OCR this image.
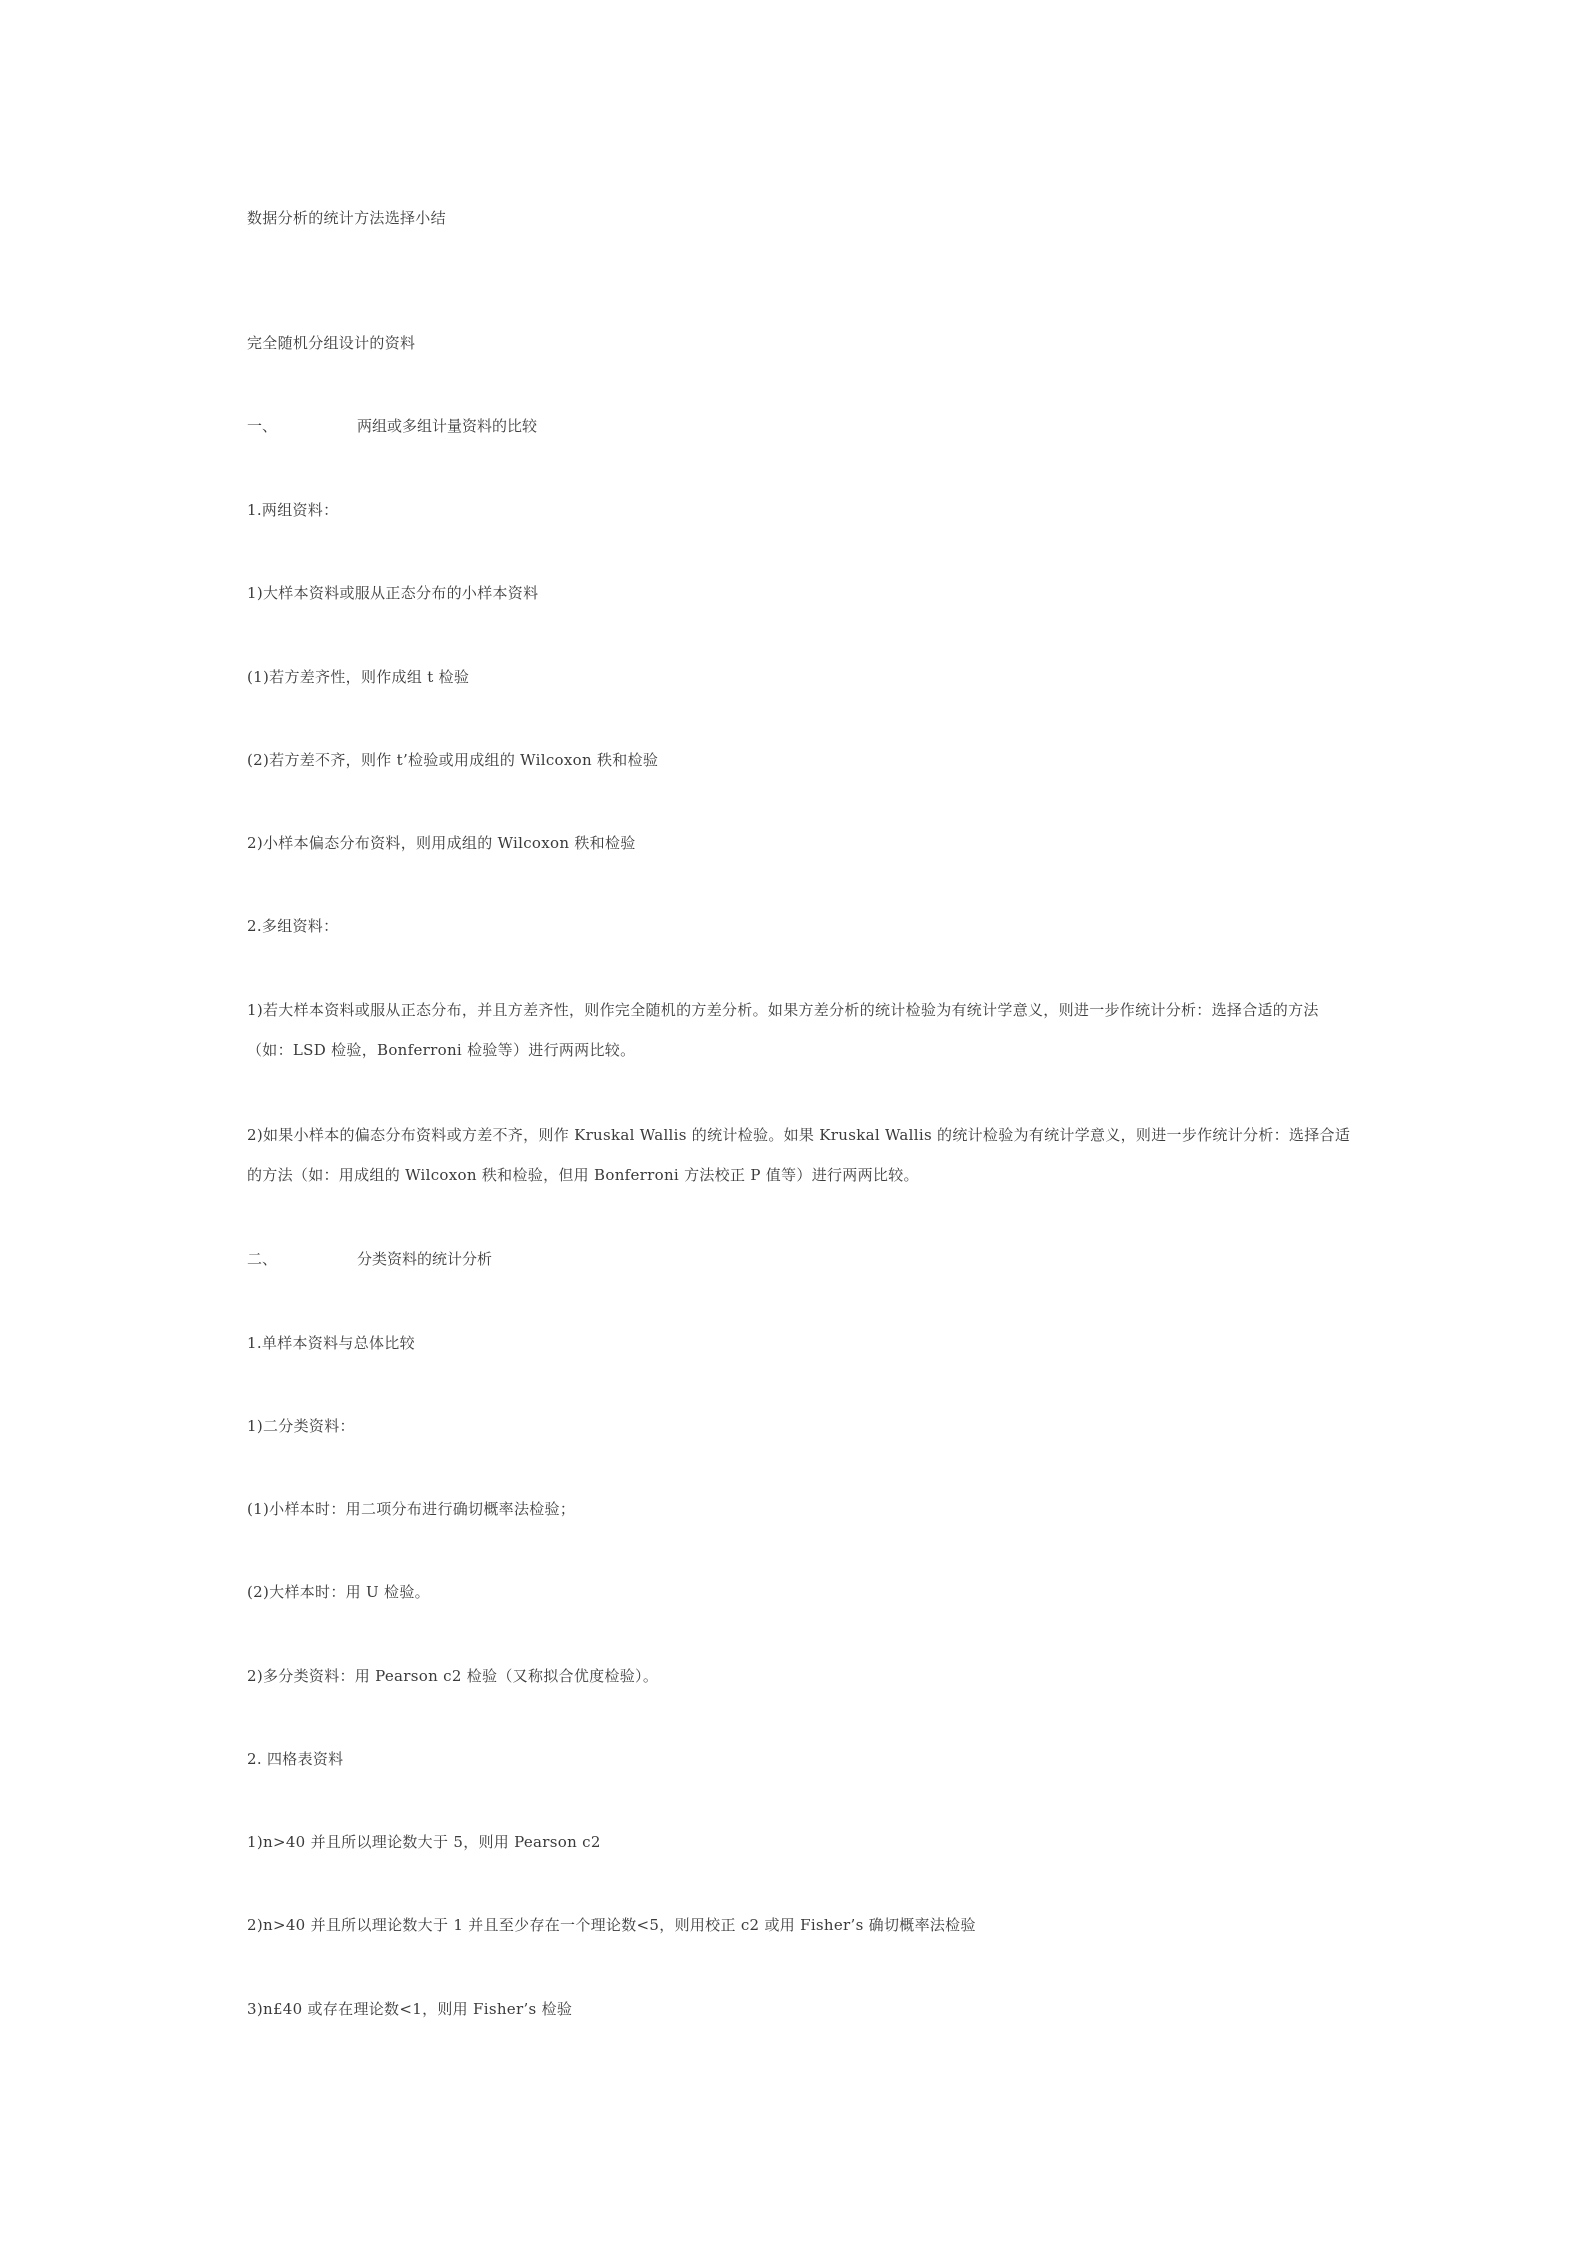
数据分析的统计方法选择小结
完全随机分组设计的资料
一、	两组或多组计量资料的比较
1.两组资料：
1)大样本资料或服从正态分布的小样本资料
(1)若方差齐性，则作成组 t 检验
(2)若方差不齐，则作 t’检验或用成组的 Wilcoxon 秩和检验
2)小样本偏态分布资料，则用成组的 Wilcoxon 秩和检验
2.多组资料：
1)若大样本资料或服从正态分布，并且方差齐性，则作完全随机的方差分析。如果方差分析的统计检验为有统计学意义，则进一步作统计分析：选择合适的方法（如：LSD 检验，Bonferroni 检验等）进行两两比较。
2)如果小样本的偏态分布资料或方差不齐，则作 Kruskal Wallis 的统计检验。如果 Kruskal Wallis 的统计检验为有统计学意义，则进一步作统计分析：选择合适的方法（如：用成组的 Wilcoxon 秩和检验，但用 Bonferroni 方法校正 P 值等）进行两两比较。
二、	分类资料的统计分析
1.单样本资料与总体比较
1)二分类资料：
(1)小样本时：用二项分布进行确切概率法检验；
(2)大样本时：用 U 检验。
2)多分类资料：用 Pearson c2 检验（又称拟合优度检验）。
2. 四格表资料
1)n>40 并且所以理论数大于 5，则用 Pearson c2
2)n>40 并且所以理论数大于 1 并且至少存在一个理论数<5，则用校正 c2 或用 Fisher’s 确切概率法检验
3)n£40 或存在理论数<1，则用 Fisher’s 检验
